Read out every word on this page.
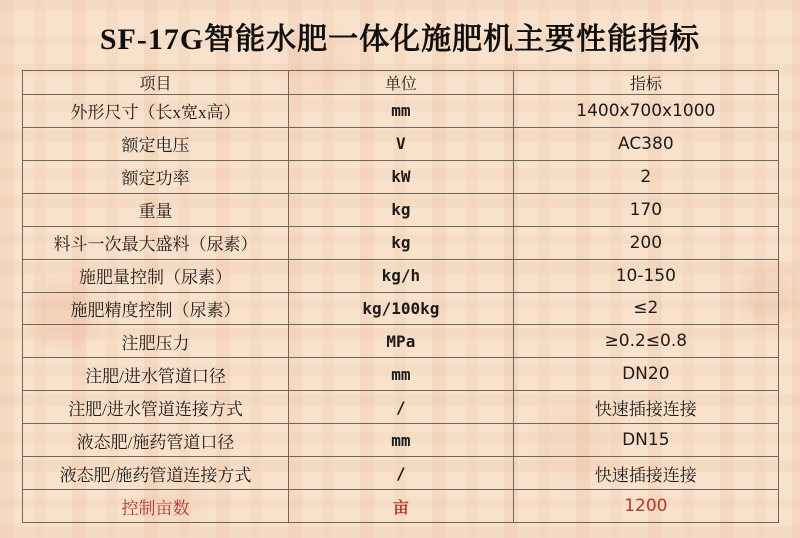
SF-17G智能水肥一体化施肥机主要性能指标
项目	单位	指标
外形尺寸（长x宽x高）	mm	1400x700x1000
额定电压	V	AC380
额定功率	kW	2
重量	kg	170
料斗一次最大盛料（尿素）	kg	200
施肥量控制（尿素）	kg/h	10-150
施肥精度控制（尿素）	kg/100kg	≤2
注肥压力	MPa	≥0.2≤0.8
注肥/进水管道口径	mm	DN20
注肥/进水管道连接方式	/	快速插接连接
液态肥/施药管道口径	mm	DN15
液态肥/施药管道连接方式	/	快速插接连接
控制亩数	亩	1200
